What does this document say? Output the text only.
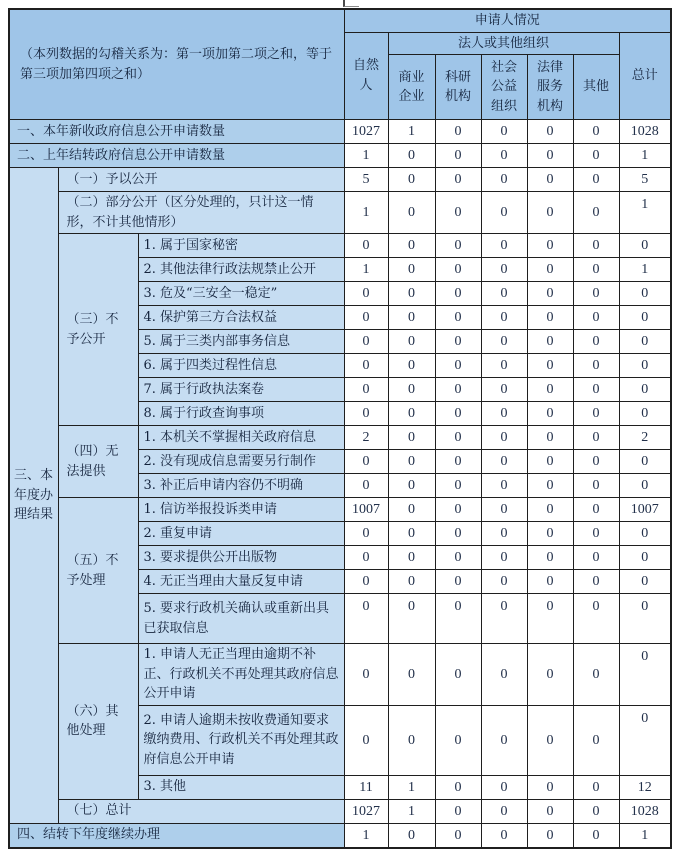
（本列数据的勾稽关系为：第一项加第二项之和，等于第三项加第四项之和）			申请人情况						
			自然人	法人或其他组织					总计
				商业企业	科研机构	社会公益组织	法律服务机构	其他	
一、本年新收政府信息公开申请数量			1027	1	0	0	0	0	1028
二、上年结转政府信息公开申请数量			1	0	0	0	0	0	1
三、本年度办理结果	（一）予以公开		5	0	0	0	0	0	5
	（二）部分公开（区分处理的，只计这一情形，不计其他情形）		1	0	0	0	0	0	1
	（三）不予公开	1. 属于国家秘密	0	0	0	0	0	0	0
		2. 其他法律行政法规禁止公开	1	0	0	0	0	0	1
		3. 危及“三安全一稳定”	0	0	0	0	0	0	0
		4. 保护第三方合法权益	0	0	0	0	0	0	0
		5. 属于三类内部事务信息	0	0	0	0	0	0	0
		6. 属于四类过程性信息	0	0	0	0	0	0	0
		7. 属于行政执法案卷	0	0	0	0	0	0	0
		8. 属于行政查询事项	0	0	0	0	0	0	0
	（四）无法提供	1. 本机关不掌握相关政府信息	2	0	0	0	0	0	2
		2. 没有现成信息需要另行制作	0	0	0	0	0	0	0
		3. 补正后申请内容仍不明确	0	0	0	0	0	0	0
	（五）不予处理	1. 信访举报投诉类申请	1007	0	0	0	0	0	1007
		2. 重复申请	0	0	0	0	0	0	0
		3. 要求提供公开出版物	0	0	0	0	0	0	0
		4. 无正当理由大量反复申请	0	0	0	0	0	0	0
		5. 要求行政机关确认或重新出具已获取信息	0	0	0	0	0	0	0
	（六）其他处理	1. 申请人无正当理由逾期不补正、行政机关不再处理其政府信息公开申请	0	0	0	0	0	0	0
		2. 申请人逾期未按收费通知要求缴纳费用、行政机关不再处理其政府信息公开申请	0	0	0	0	0	0	0
		3. 其他	11	1	0	0	0	0	12
	（七）总计		1027	1	0	0	0	0	1028
四、结转下年度继续办理			1	0	0	0	0	0	1
